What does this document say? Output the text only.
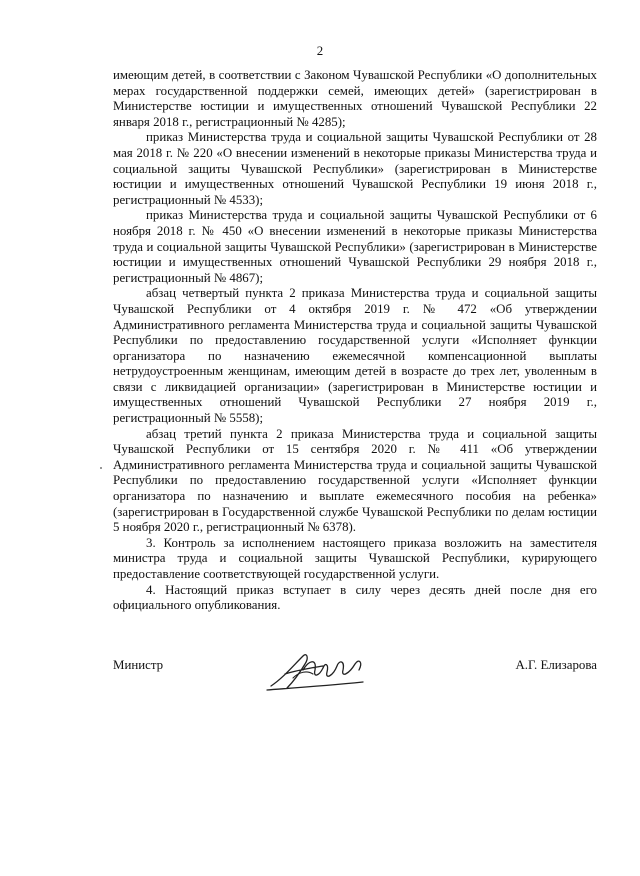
2

имеющим детей, в соответствии с Законом Чувашской Республики «О дополнительных мерах государственной поддержки семей, имеющих детей» (зарегистрирован в Министерстве юстиции и имущественных отношений Чувашской Республики 22 января 2018 г., регистрационный № 4285);

приказ Министерства труда и социальной защиты Чувашской Республики от 28 мая 2018 г. № 220 «О внесении изменений в некоторые приказы Министерства труда и социальной защиты Чувашской Республики» (зарегистрирован в Министерстве юстиции и имущественных отношений Чувашской Республики 19 июня 2018 г., регистрационный № 4533);

приказ Министерства труда и социальной защиты Чувашской Республики от 6 ноября 2018 г. № 450 «О внесении изменений в некоторые приказы Министерства труда и социальной защиты Чувашской Республики» (зарегистрирован в Министерстве юстиции и имущественных отношений Чувашской Республики 29 ноября 2018 г., регистрационный № 4867);

абзац четвертый пункта 2 приказа Министерства труда и социальной защиты Чувашской Республики от 4 октября 2019 г. № 472 «Об утверждении Административного регламента Министерства труда и социальной защиты Чувашской Республики по предоставлению государственной услуги «Исполняет функции организатора по назначению ежемесячной компенсационной выплаты нетрудоустроенным женщинам, имеющим детей в возрасте до трех лет, уволенным в связи с ликвидацией организации» (зарегистрирован в Министерстве юстиции и имущественных отношений Чувашской Республики 27 ноября 2019 г., регистрационный № 5558);

абзац третий пункта 2 приказа Министерства труда и социальной защиты Чувашской Республики от 15 сентября 2020 г. № 411 «Об утверждении Административного регламента Министерства труда и социальной защиты Чувашской Республики по предоставлению государственной услуги «Исполняет функции организатора по назначению и выплате ежемесячного пособия на ребенка» (зарегистрирован в Государственной службе Чувашской Республики по делам юстиции 5 ноября 2020 г., регистрационный № 6378).

3. Контроль за исполнением настоящего приказа возложить на заместителя министра труда и социальной защиты Чувашской Республики, курирующего предоставление соответствующей государственной услуги.

4. Настоящий приказ вступает в силу через десять дней после дня его официального опубликования.

Министр	А.Г. Елизарова
